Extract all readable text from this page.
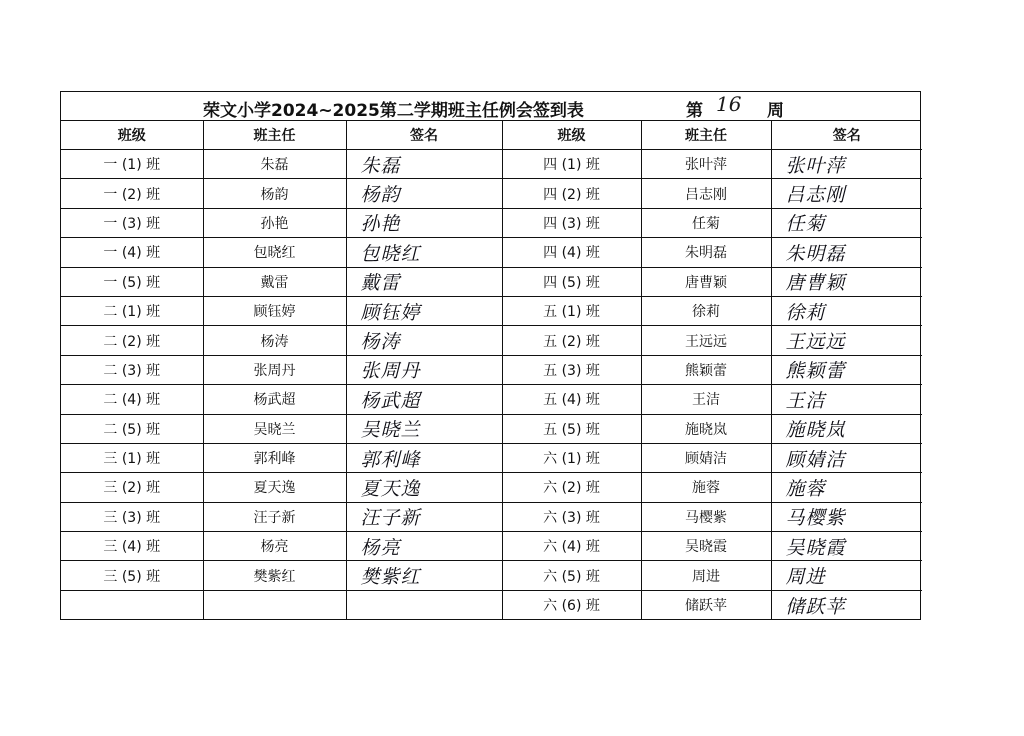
荣文小学2024~2025第二学期班主任例会签到表	第 16 周
班级	班主任	签名	班级	班主任	签名
一 (1) 班	朱磊	朱磊	四 (1) 班	张叶萍	张叶萍
一 (2) 班	杨韵	杨韵	四 (2) 班	吕志刚	吕志刚
一 (3) 班	孙艳	孙艳	四 (3) 班	任菊	任菊
一 (4) 班	包晓红	包晓红	四 (4) 班	朱明磊	朱明磊
一 (5) 班	戴雷	戴雷	四 (5) 班	唐曹颖	唐曹颖
二 (1) 班	顾钰婷	顾钰婷	五 (1) 班	徐莉	徐莉
二 (2) 班	杨涛	杨涛	五 (2) 班	王远远	王远远
二 (3) 班	张周丹	张周丹	五 (3) 班	熊颖蕾	熊颖蕾
二 (4) 班	杨武超	杨武超	五 (4) 班	王洁	王洁
二 (5) 班	吴晓兰	吴晓兰	五 (5) 班	施晓岚	施晓岚
三 (1) 班	郭利峰	郭利峰	六 (1) 班	顾婧洁	顾婧洁
三 (2) 班	夏天逸	夏天逸	六 (2) 班	施蓉	施蓉
三 (3) 班	汪子新	汪子新	六 (3) 班	马樱紫	马樱紫
三 (4) 班	杨亮	杨亮	六 (4) 班	吴晓霞	吴晓霞
三 (5) 班	樊紫红	樊紫红	六 (5) 班	周进	周进
			六 (6) 班	储跃苹	储跃苹
